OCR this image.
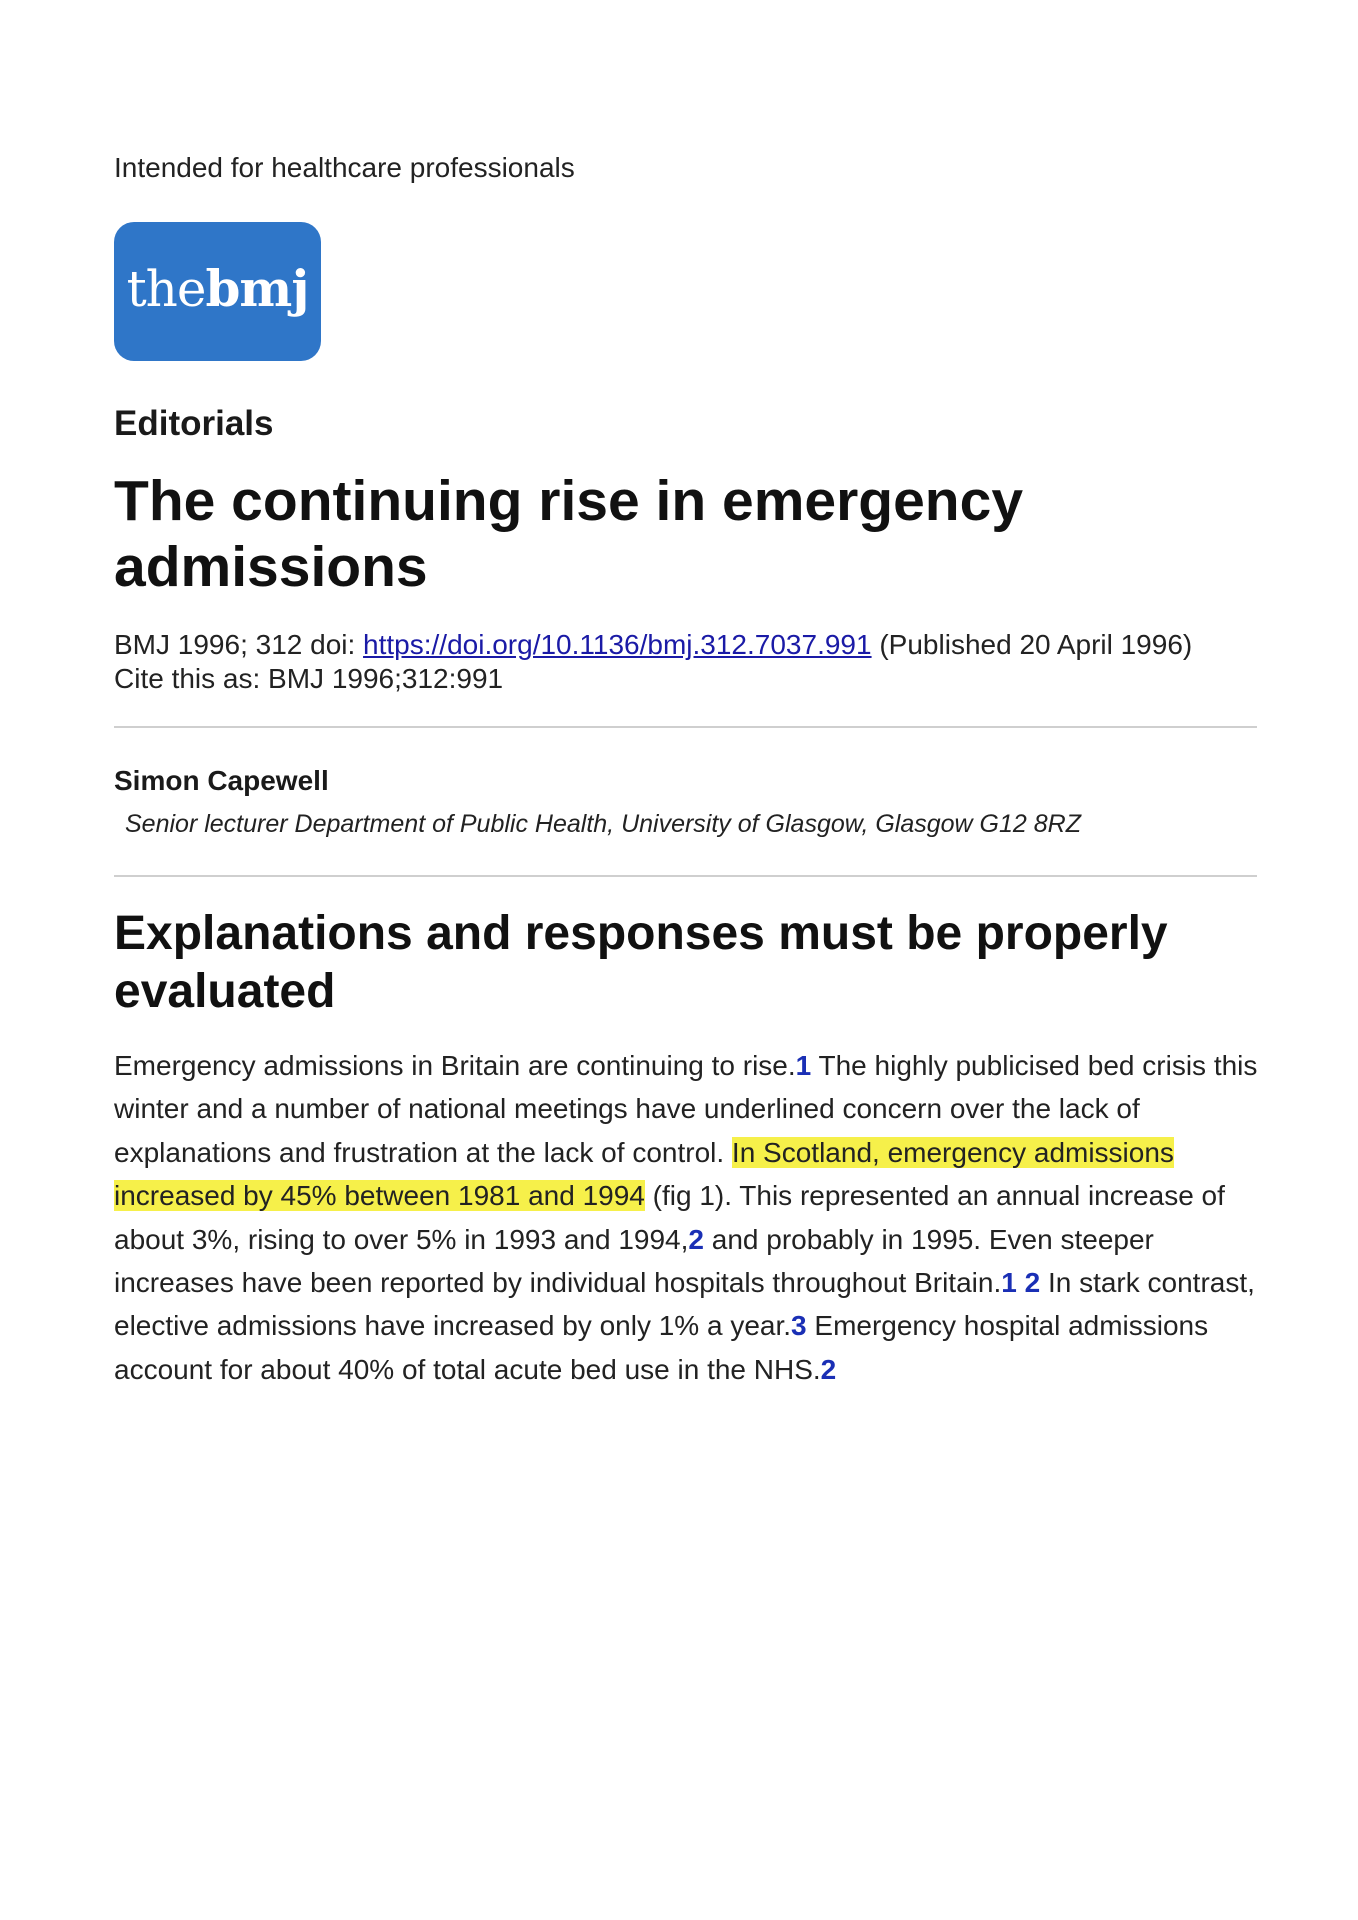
Intended for healthcare professionals
the bmj
Editorials
The continuing rise in emergency admissions
BMJ 1996; 312 doi: https://doi.org/10.1136/bmj.312.7037.991 (Published 20 April 1996)
Cite this as: BMJ 1996;312:991
Simon Capewell
Senior lecturer Department of Public Health, University of Glasgow, Glasgow G12 8RZ
Explanations and responses must be properly evaluated
Emergency admissions in Britain are continuing to rise.1 The highly publicised bed crisis this winter and a number of national meetings have underlined concern over the lack of explanations and frustration at the lack of control. In Scotland, emergency admissions increased by 45% between 1981 and 1994 (fig 1). This represented an annual increase of about 3%, rising to over 5% in 1993 and 1994,2 and probably in 1995. Even steeper increases have been reported by individual hospitals throughout Britain.1 2 In stark contrast, elective admissions have increased by only 1% a year.3 Emergency hospital admissions account for about 40% of total acute bed use in the NHS.2
